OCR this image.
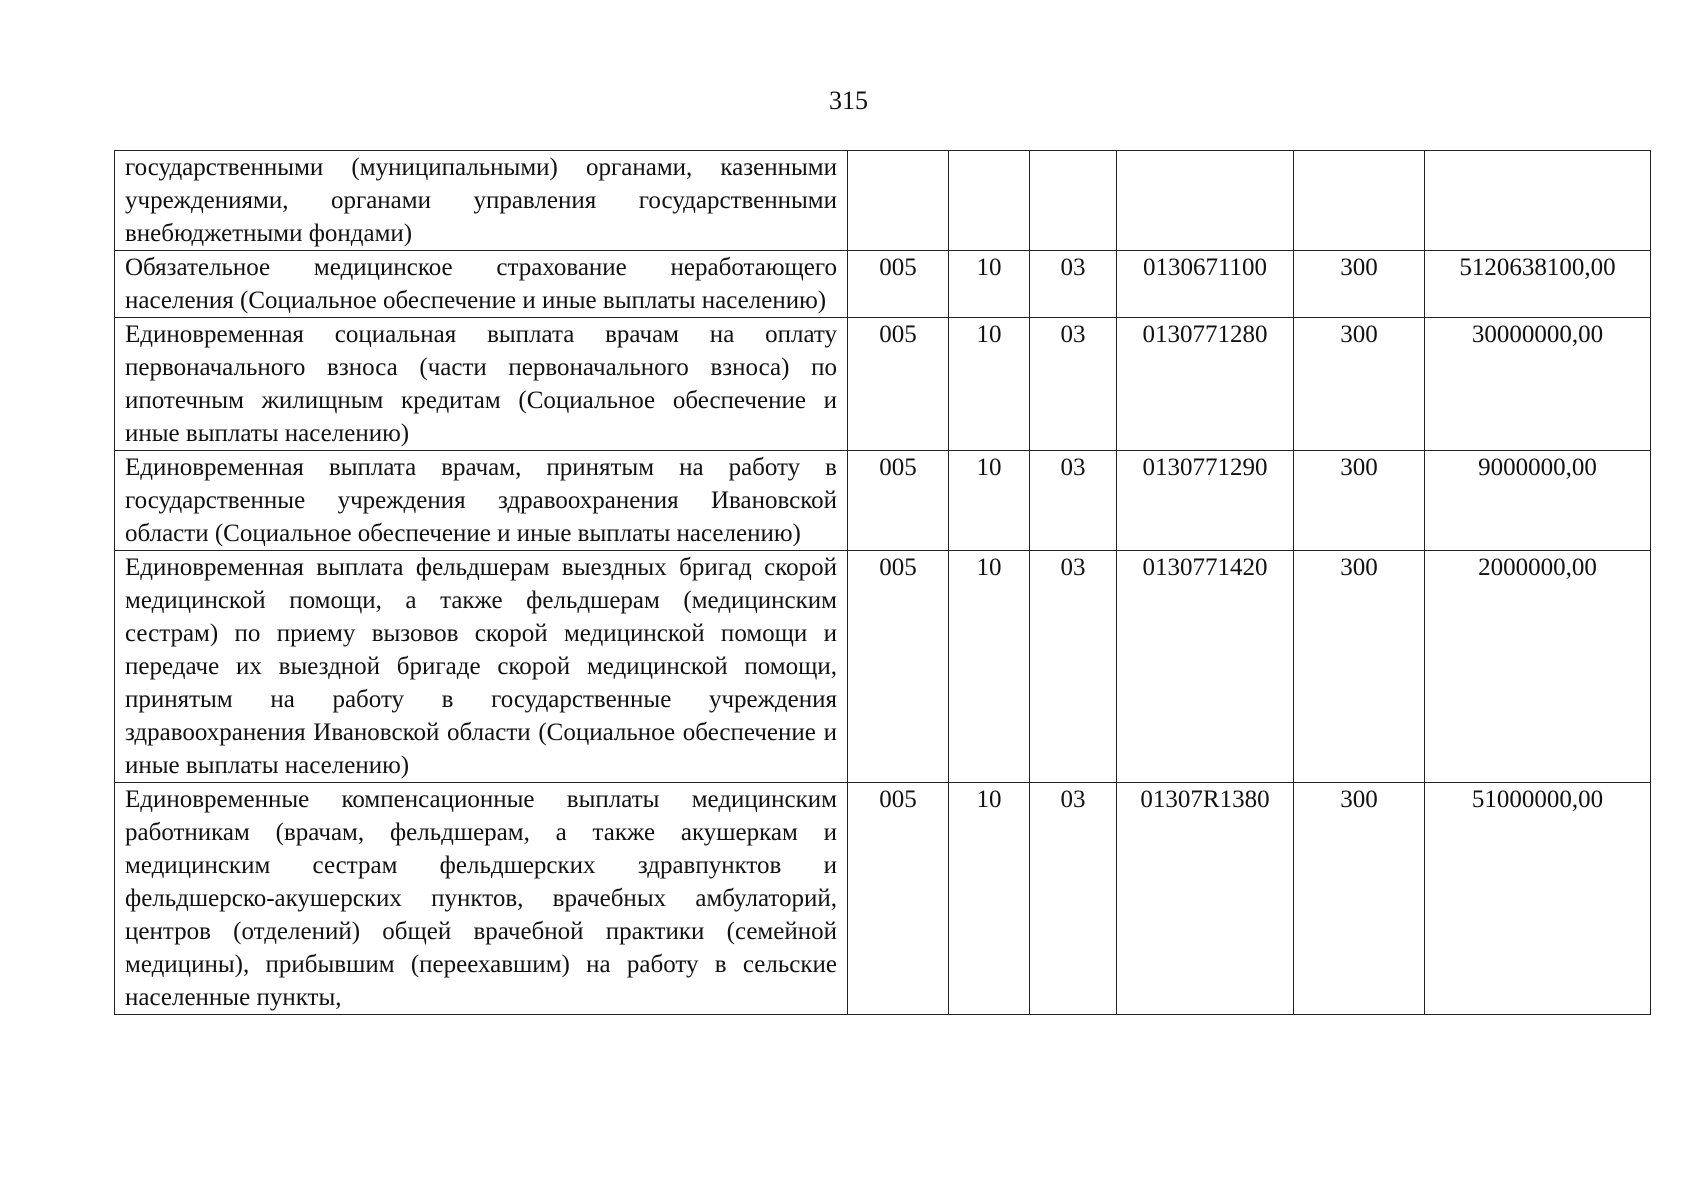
315
государственными (муниципальными) органами, казенными учреждениями, органами управления государственными внебюджетными фондами)						
Обязательное медицинское страхование неработающего населения (Социальное обеспечение и иные выплаты населению)	005	10	03	0130671100	300	5120638100,00
Единовременная социальная выплата врачам на оплату первоначального взноса (части первоначального взноса) по ипотечным жилищным кредитам (Социальное обеспечение и иные выплаты населению)	005	10	03	0130771280	300	30000000,00
Единовременная выплата врачам, принятым на работу в государственные учреждения здравоохранения Ивановской области (Социальное обеспечение и иные выплаты населению)	005	10	03	0130771290	300	9000000,00
Единовременная выплата фельдшерам выездных бригад скорой медицинской помощи, а также фельдшерам (медицинским сестрам) по приему вызовов скорой медицинской помощи и передаче их выездной бригаде скорой медицинской помощи, принятым на работу в государственные учреждения здравоохранения Ивановской области (Социальное обеспечение и иные выплаты населению)	005	10	03	0130771420	300	2000000,00
Единовременные компенсационные выплаты медицинским работникам (врачам, фельдшерам, а также акушеркам и медицинским сестрам фельдшерских здравпунктов и фельдшерско-акушерских пунктов, врачебных амбулаторий, центров (отделений) общей врачебной практики (семейной медицины), прибывшим (переехавшим) на работу в сельские населенные пункты,	005	10	03	01307R1380	300	51000000,00
